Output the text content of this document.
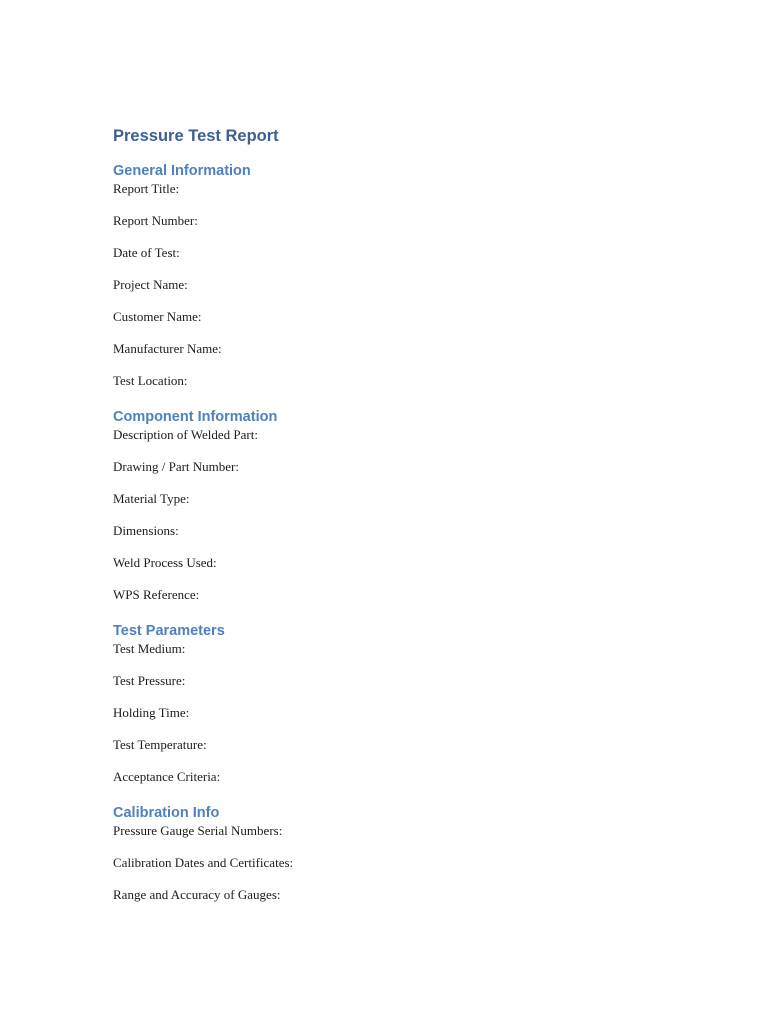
Pressure Test Report
General Information

Report Title:

Report Number:

Date of Test:

Project Name:

Customer Name:

Manufacturer Name:

Test Location:

Component Information

Description of Welded Part:

Drawing / Part Number:

Material Type:

Dimensions:

Weld Process Used:

WPS Reference:

Test Parameters

Test Medium:

Test Pressure:

Holding Time:

Test Temperature:

Acceptance Criteria:

Calibration Info

Pressure Gauge Serial Numbers:

Calibration Dates and Certificates:

Range and Accuracy of Gauges:
